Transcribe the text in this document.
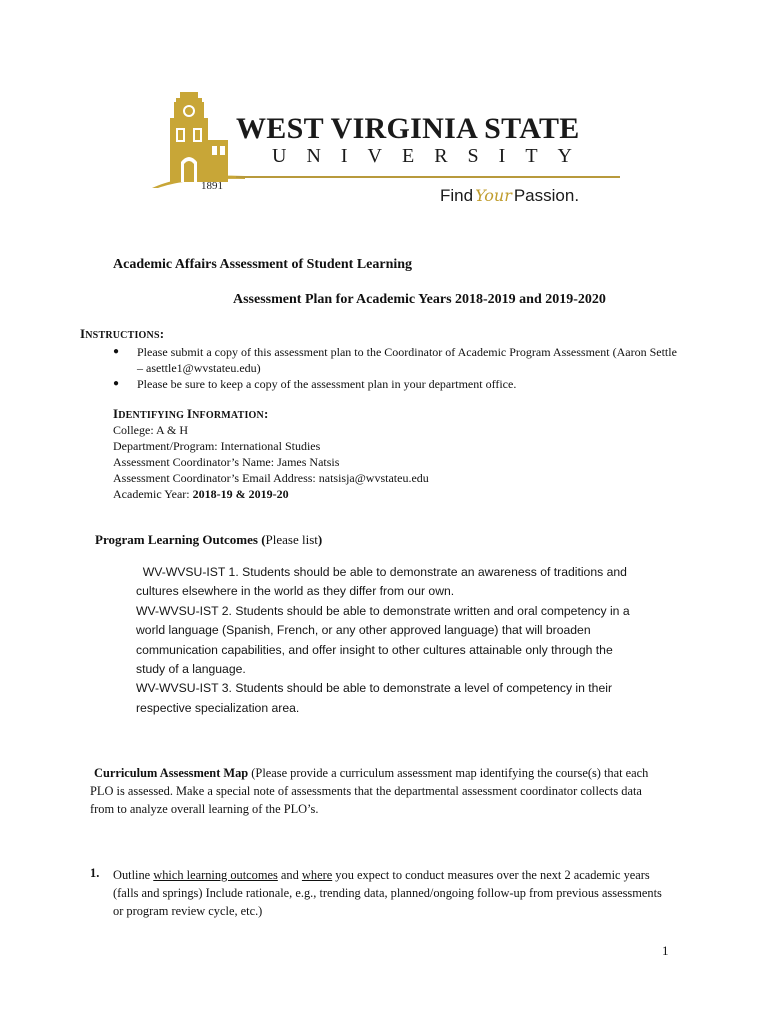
WEST VIRGINIA STATE
UNIVERSITY
1891	Find Your Passion.
Academic Affairs Assessment of Student Learning
Assessment Plan for Academic Years 2018-2019 and 2019-2020
INSTRUCTIONS:
● Please submit a copy of this assessment plan to the Coordinator of Academic Program Assessment (Aaron Settle – asettle1@wvstateu.edu)
● Please be sure to keep a copy of the assessment plan in your department office.
IDENTIFYING INFORMATION:
College: A & H
Department/Program: International Studies
Assessment Coordinator’s Name: James Natsis
Assessment Coordinator’s Email Address: natsisja@wvstateu.edu
Academic Year: 2018-19 & 2019-20
Program Learning Outcomes (Please list)
WV-WVSU-IST 1. Students should be able to demonstrate an awareness of traditions and
cultures elsewhere in the world as they differ from our own.
WV-WVSU-IST 2. Students should be able to demonstrate written and oral competency in a
world language (Spanish, French, or any other approved language) that will broaden
communication capabilities, and offer insight to other cultures attainable only through the
study of a language.
WV-WVSU-IST 3. Students should be able to demonstrate a level of competency in their
respective specialization area.
Curriculum Assessment Map (Please provide a curriculum assessment map identifying the course(s) that each PLO is assessed. Make a special note of assessments that the departmental assessment coordinator collects data from to analyze overall learning of the PLO’s.
1. Outline which learning outcomes and where you expect to conduct measures over the next 2 academic years (falls and springs) Include rationale, e.g., trending data, planned/ongoing follow-up from previous assessments or program review cycle, etc.)
1
